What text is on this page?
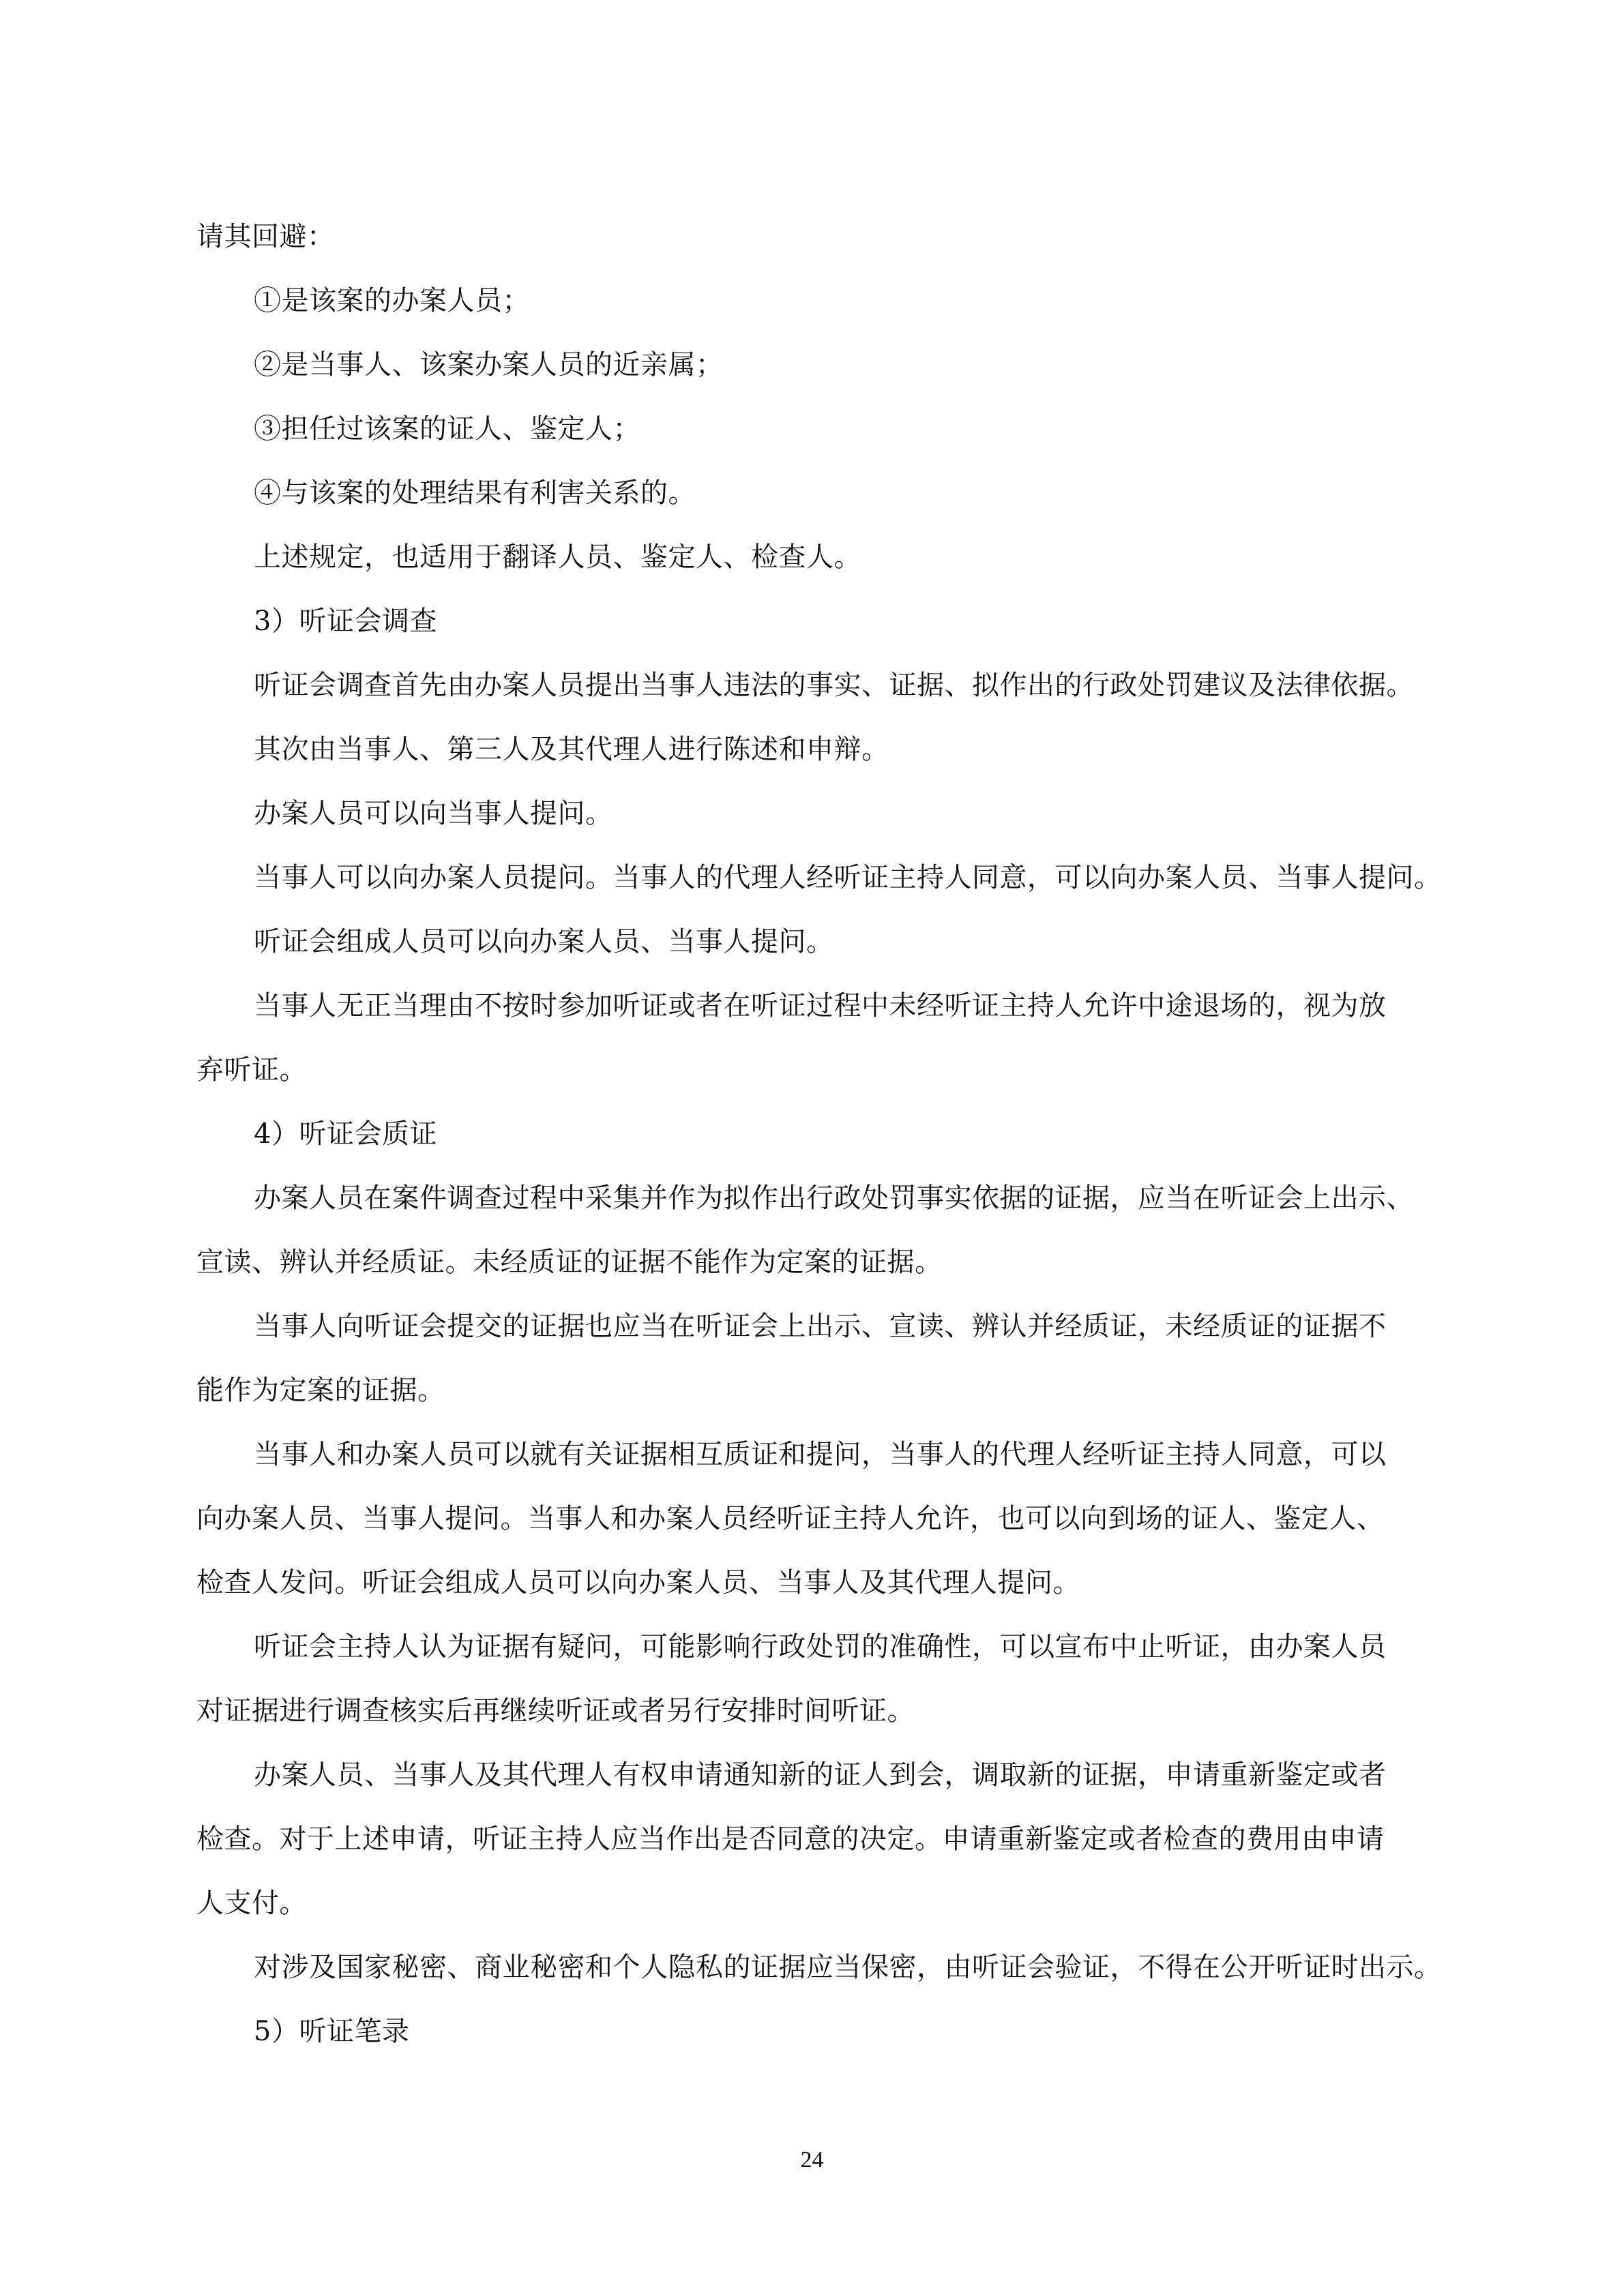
请其回避：
①是该案的办案人员；
②是当事人、该案办案人员的近亲属；
③担任过该案的证人、鉴定人；
④与该案的处理结果有利害关系的。
上述规定，也适用于翻译人员、鉴定人、检查人。
3）听证会调查
听证会调查首先由办案人员提出当事人违法的事实、证据、拟作出的行政处罚建议及法律依据。
其次由当事人、第三人及其代理人进行陈述和申辩。
办案人员可以向当事人提问。
当事人可以向办案人员提问。当事人的代理人经听证主持人同意，可以向办案人员、当事人提问。
听证会组成人员可以向办案人员、当事人提问。
当事人无正当理由不按时参加听证或者在听证过程中未经听证主持人允许中途退场的，视为放
弃听证。
4）听证会质证
办案人员在案件调查过程中采集并作为拟作出行政处罚事实依据的证据，应当在听证会上出示、
宣读、辨认并经质证。未经质证的证据不能作为定案的证据。
当事人向听证会提交的证据也应当在听证会上出示、宣读、辨认并经质证，未经质证的证据不
能作为定案的证据。
当事人和办案人员可以就有关证据相互质证和提问，当事人的代理人经听证主持人同意，可以
向办案人员、当事人提问。当事人和办案人员经听证主持人允许，也可以向到场的证人、鉴定人、
检查人发问。听证会组成人员可以向办案人员、当事人及其代理人提问。
听证会主持人认为证据有疑问，可能影响行政处罚的准确性，可以宣布中止听证，由办案人员
对证据进行调查核实后再继续听证或者另行安排时间听证。
办案人员、当事人及其代理人有权申请通知新的证人到会，调取新的证据，申请重新鉴定或者
检查。对于上述申请，听证主持人应当作出是否同意的决定。申请重新鉴定或者检查的费用由申请
人支付。
对涉及国家秘密、商业秘密和个人隐私的证据应当保密，由听证会验证，不得在公开听证时出示。
5）听证笔录
24
